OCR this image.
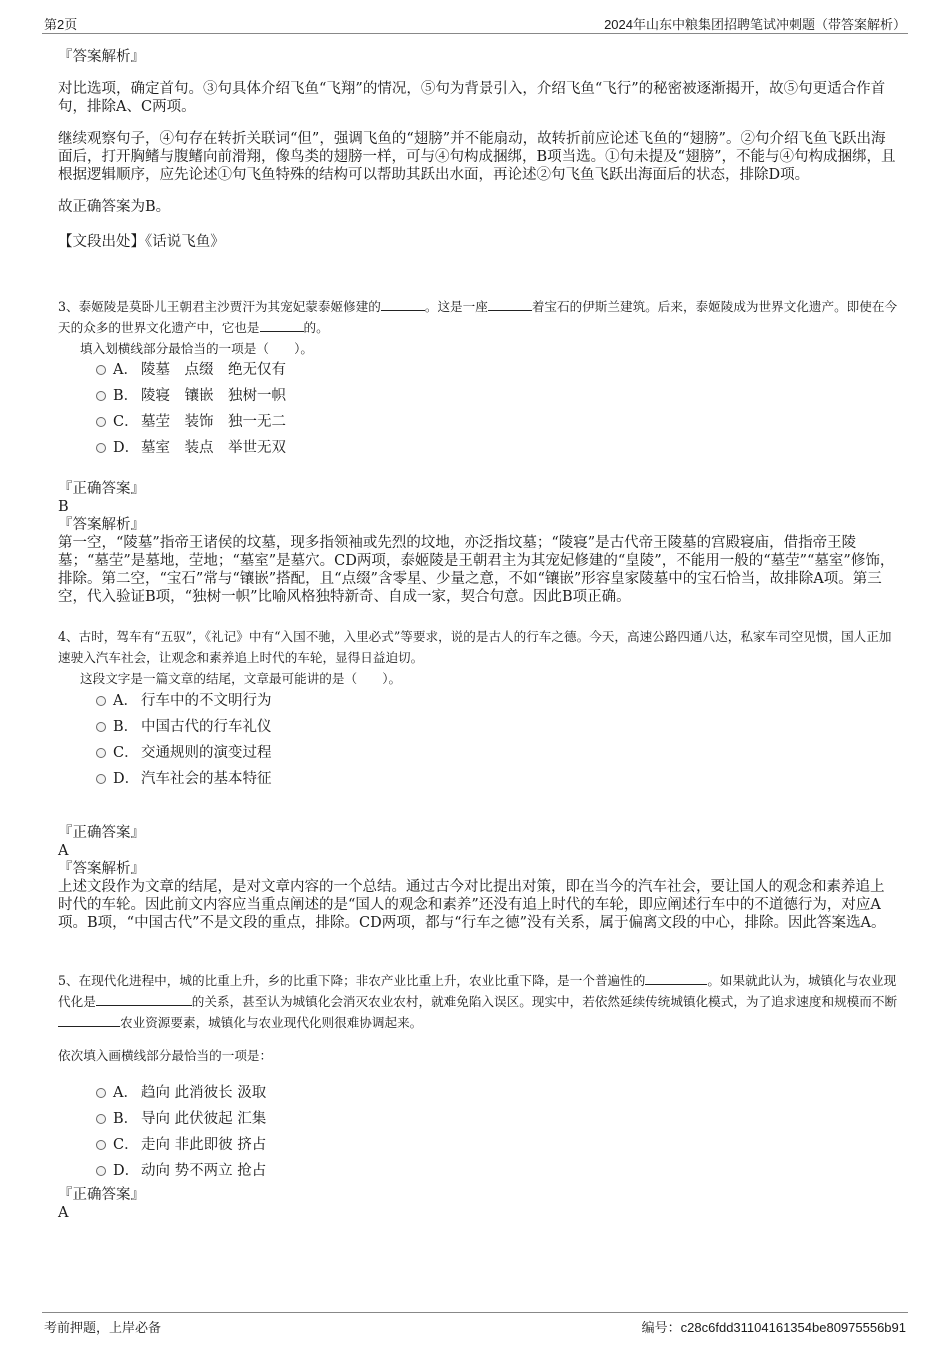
第2页	2024年山东中粮集团招聘笔试冲刺题（带答案解析）
『答案解析』
对比选项，确定首句。③句具体介绍飞鱼“飞翔”的情况，⑤句为背景引入，介绍飞鱼“飞行”的秘密被逐渐揭开，故⑤句更适合作首句，排除A、C两项。
继续观察句子，④句存在转折关联词“但”，强调飞鱼的“翅膀”并不能扇动，故转折前应论述飞鱼的“翅膀”。②句介绍飞鱼飞跃出海面后，打开胸鳍与腹鳍向前滑翔，像鸟类的翅膀一样，可与④句构成捆绑，B项当选。①句未提及“翅膀”，不能与④句构成捆绑，且根据逻辑顺序，应先论述①句飞鱼特殊的结构可以帮助其跃出水面，再论述②句飞鱼飞跃出海面后的状态，排除D项。
故正确答案为B。
【文段出处】《话说飞鱼》
3、泰姬陵是莫卧儿王朝君主沙贾汗为其宠妃蒙泰姬修建的	。这是一座	着宝石的伊斯兰建筑。后来，泰姬陵成为世界文化遗产。即使在今天的众多的世界文化遗产中，它也是	的。
填入划横线部分最恰当的一项是（　　）。
A． 陵墓　点缀　绝无仅有
B． 陵寝　镶嵌　独树一帜
C． 墓茔　装饰　独一无二
D． 墓室　装点　举世无双
『正确答案』
B
『答案解析』
第一空，“陵墓”指帝王诸侯的坟墓，现多指领袖或先烈的坟地，亦泛指坟墓；“陵寝”是古代帝王陵墓的宫殿寝庙，借指帝王陵墓；“墓茔”是墓地，茔地；“墓室”是墓穴。CD两项，泰姬陵是王朝君主为其宠妃修建的“皇陵”，不能用一般的“墓茔”“墓室”修饰，排除。第二空，“宝石”常与“镶嵌”搭配，且“点缀”含零星、少量之意，不如“镶嵌”形容皇家陵墓中的宝石恰当，故排除A项。第三空，代入验证B项，“独树一帜”比喻风格独特新奇、自成一家，契合句意。因此B项正确。
4、古时，驾车有“五驭”，《礼记》中有“入国不驰，入里必式”等要求，说的是古人的行车之德。今天，高速公路四通八达，私家车司空见惯，国人正加速驶入汽车社会，让观念和素养追上时代的车轮，显得日益迫切。
这段文字是一篇文章的结尾，文章最可能讲的是（　　）。
A． 行车中的不文明行为
B． 中国古代的行车礼仪
C． 交通规则的演变过程
D． 汽车社会的基本特征
『正确答案』
A
『答案解析』
上述文段作为文章的结尾，是对文章内容的一个总结。通过古今对比提出对策，即在当今的汽车社会，要让国人的观念和素养追上时代的车轮。因此前文内容应当重点阐述的是“国人的观念和素养”还没有追上时代的车轮，即应阐述行车中的不道德行为，对应A项。B项，“中国古代”不是文段的重点，排除。CD两项，都与“行车之德”没有关系，属于偏离文段的中心，排除。因此答案选A。
5、在现代化进程中，城的比重上升，乡的比重下降；非农产业比重上升，农业比重下降，是一个普遍性的	。如果就此认为，城镇化与农业现代化是	的关系，甚至认为城镇化会消灭农业农村，就难免陷入误区。现实中，若依然延续传统城镇化模式，为了追求速度和规模而不断农业资源要素，城镇化与农业现代化则很难协调起来。
依次填入画横线部分最恰当的一项是：
A． 趋向 此消彼长 汲取
B． 导向 此伏彼起 汇集
C． 走向 非此即彼 挤占
D． 动向 势不两立 抢占
『正确答案』
A
考前押题，上岸必备	编号：c28c6fdd31104161354be80975556b91
